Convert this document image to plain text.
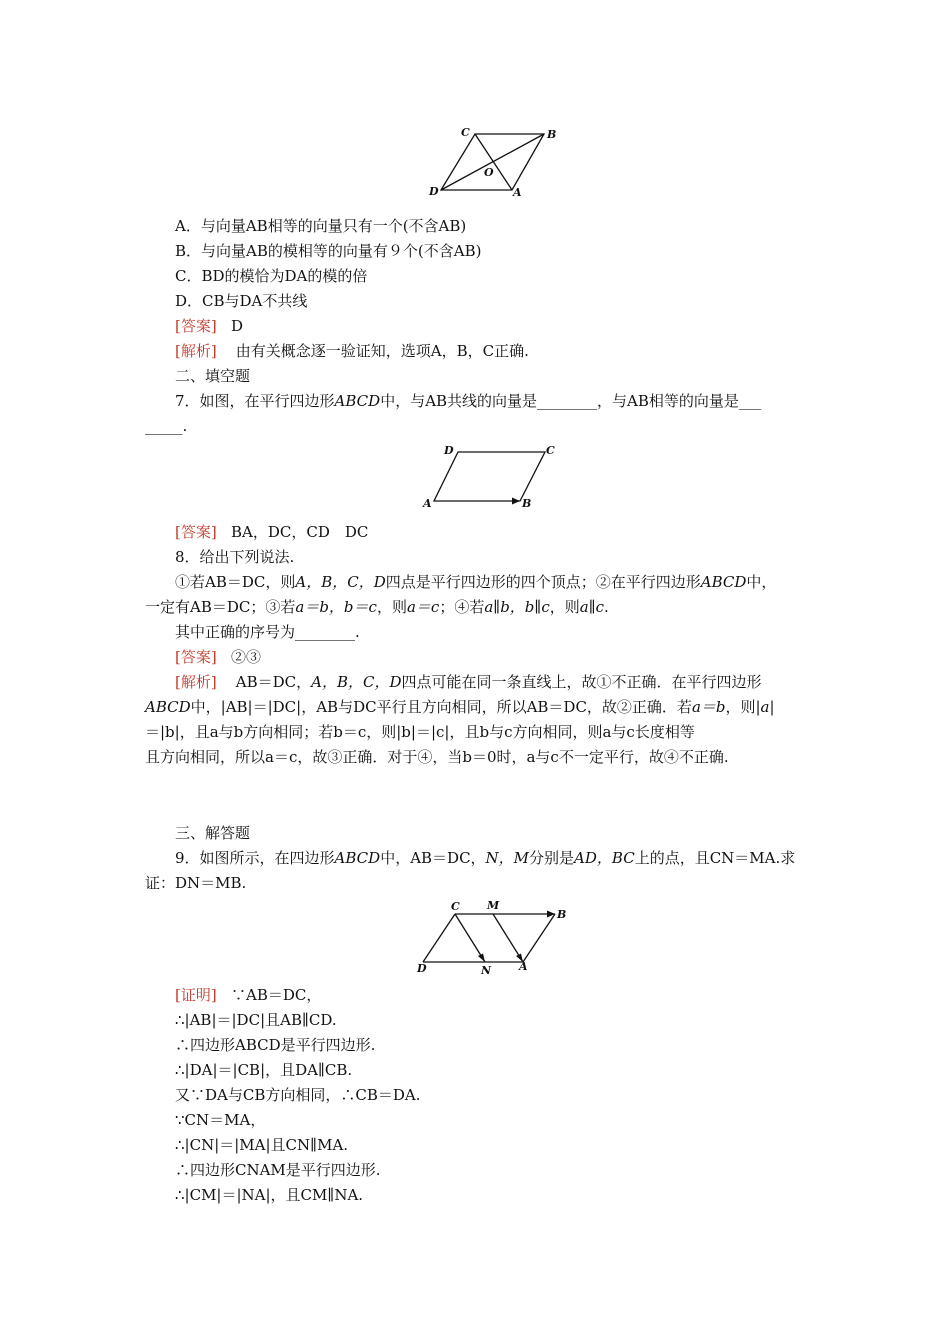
C	B
O
D	A
A．与向量AB相等的向量只有一个(不含AB)
B．与向量AB的模相等的向量有９个(不含AB)
C．BD的模恰为DA的模的倍
D．CB与DA不共线
[答案] D
[解析] 由有关概念逐一验证知，选项A，B，C正确.
二、填空题
7．如图，在平行四边形ABCD中，与AB共线的向量是________，与AB相等的向量是___
_____.
D	C
A	B
[答案] BA，DC，CD　DC
8．给出下列说法.
①若AB＝DC，则A，B，C，D四点是平行四边形的四个顶点；②在平行四边形ABCD中，
一定有AB＝DC；③若a＝b，b＝c，则a＝c；④若a∥b，b∥c，则a∥c.
其中正确的序号为________.
[答案] ②③
[解析] AB＝DC，A，B，C，D四点可能在同一条直线上，故①不正确．在平行四边形
ABCD中，|AB|＝|DC|，AB与DC平行且方向相同，所以AB＝DC，故②正确．若a＝b，则|a|
＝|b|，且a与b方向相同；若b＝c，则|b|＝|c|，且b与c方向相同，则a与c长度相等
且方向相同，所以a＝c，故③正确．对于④，当b＝0时，a与c不一定平行，故④不正确.
三、解答题
9．如图所示，在四边形ABCD中，AB＝DC，N，M分别是AD，BC上的点，且CN＝MA.求
证：DN＝MB.
C M
B
D	N	A
[证明] ∵AB＝DC，
∴|AB|＝|DC|且AB∥CD.
∴四边形ABCD是平行四边形.
∴|DA|＝|CB|，且DA∥CB.
又∵DA与CB方向相同，∴CB＝DA.
∵CN＝MA，
∴|CN|＝|MA|且CN∥MA.
∴四边形CNAM是平行四边形.
∴|CM|＝|NA|，且CM∥NA.
